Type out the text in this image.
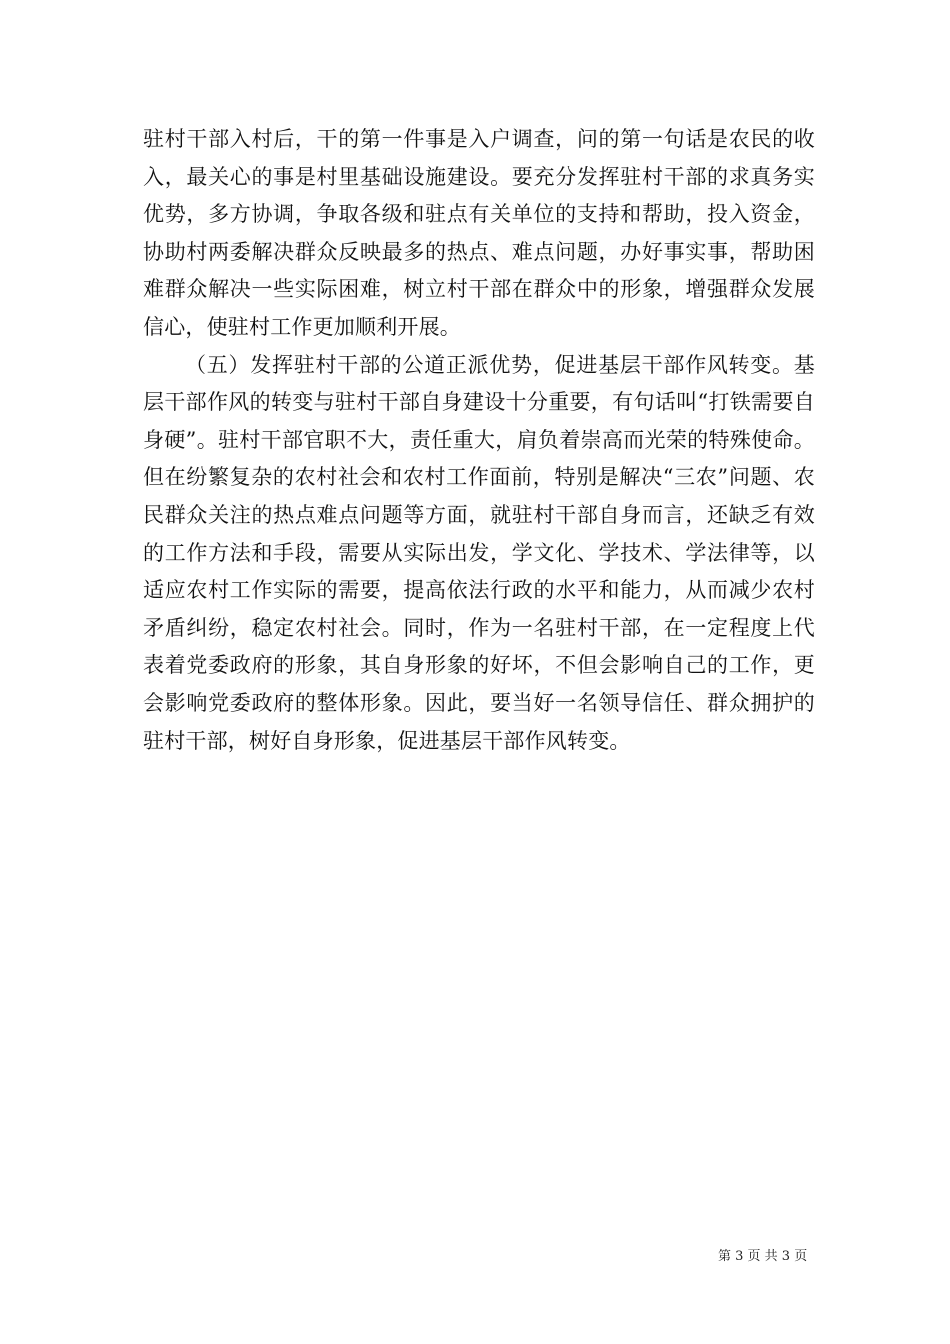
驻村干部入村后，干的第一件事是入户调查，问的第一句话是农民的收入，最关心的事是村里基础设施建设。要充分发挥驻村干部的求真务实优势，多方协调，争取各级和驻点有关单位的支持和帮助，投入资金，协助村两委解决群众反映最多的热点、难点问题，办好事实事，帮助困难群众解决一些实际困难，树立村干部在群众中的形象，增强群众发展信心，使驻村工作更加顺利开展。

（五）发挥驻村干部的公道正派优势，促进基层干部作风转变。基层干部作风的转变与驻村干部自身建设十分重要，有句话叫“打铁需要自身硬”。驻村干部官职不大，责任重大，肩负着崇高而光荣的特殊使命。但在纷繁复杂的农村社会和农村工作面前，特别是解决“三农”问题、农民群众关注的热点难点问题等方面，就驻村干部自身而言，还缺乏有效的工作方法和手段，需要从实际出发，学文化、学技术、学法律等，以适应农村工作实际的需要，提高依法行政的水平和能力，从而减少农村矛盾纠纷，稳定农村社会。同时，作为一名驻村干部，在一定程度上代表着党委政府的形象，其自身形象的好坏，不但会影响自己的工作，更会影响党委政府的整体形象。因此，要当好一名领导信任、群众拥护的驻村干部，树好自身形象，促进基层干部作风转变。

第 3 页 共 3 页
